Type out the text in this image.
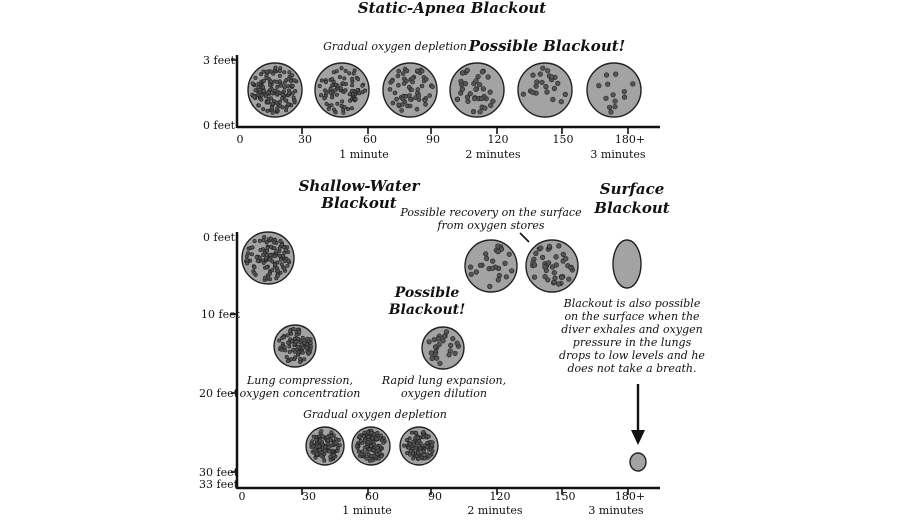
Static-Apnea Blackout
Gradual oxygen depletion Possible Blackout!
3 feet
0 feet
0	30	60	90	120	150	180+
1 minute	2 minutes	3 minutes
Shallow-Water
Blackout
Surface
Blackout
Possible recovery on the surface
from oxygen stores
Possible
Blackout!	Blackout is also possible
on the surface when the
diver exhales and oxygen
pressure in the lungs
drops to low levels and he
does not take a breath.
Lung compression,
oxygen concentration
Rapid lung expansion,
oxygen dilution
Gradual oxygen depletion
0 feet
10 feet
20 feet
30 feet
33 feet
0	30	60	90	120	150	180+
1 minute	2 minutes	3 minutes
